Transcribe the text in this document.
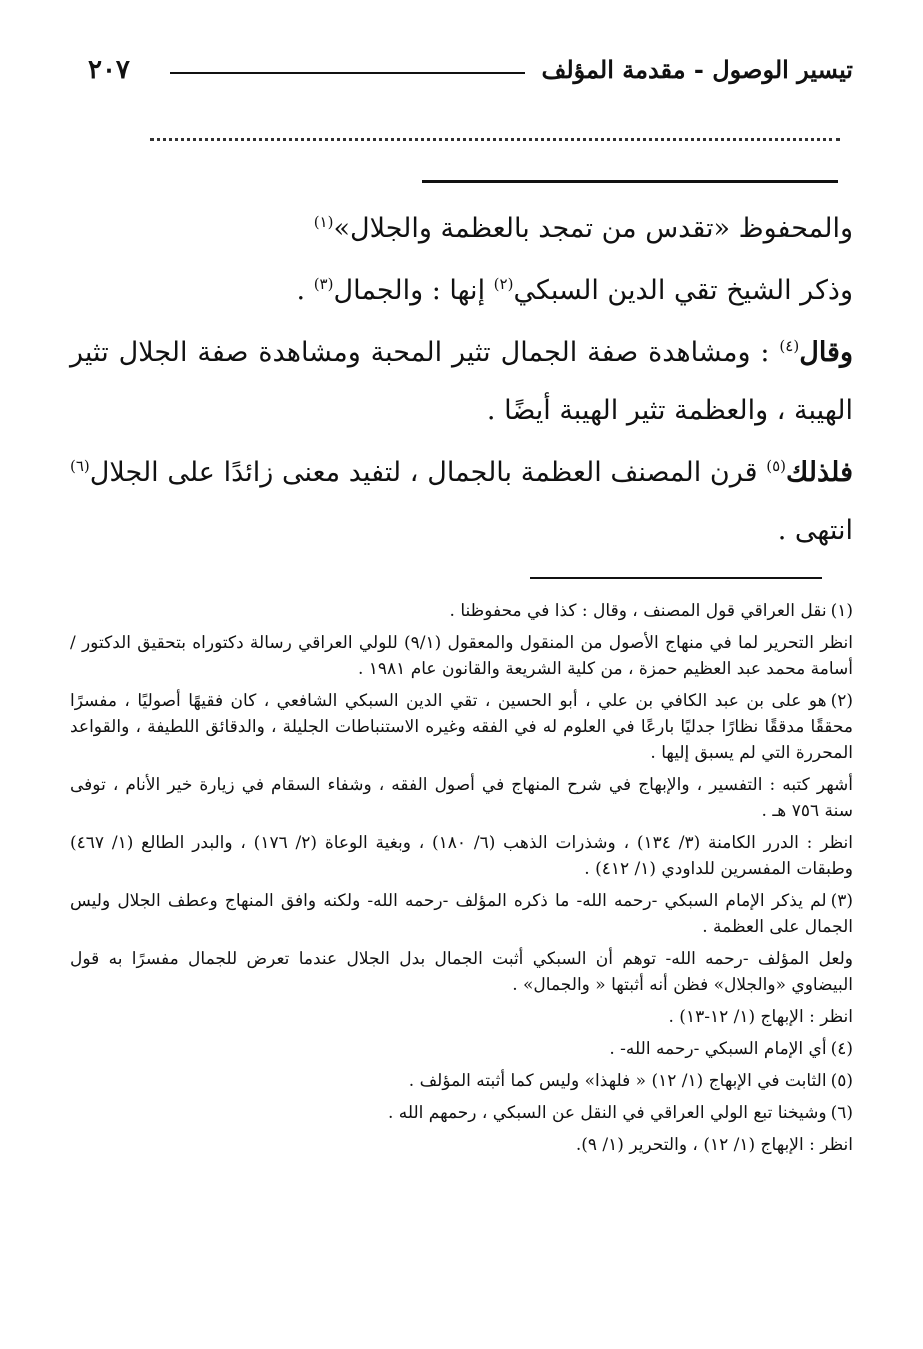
تيسير الوصول - مقدمة المؤلف
٢٠٧

والمحفوظ «تقدس من تمجد بالعظمة والجلال»$^{(١)}$

وذكر الشيخ تقي الدين السبكي$^{(٢)}$ إنها : والجمال$^{(٣)}$ .

وقال$^{(٤)}$ : ومشاهدة صفة الجمال تثير المحبة ومشاهدة صفة الجلال تثير الهيبة ، والعظمة تثير الهيبة أيضًا .

فلذلك$^{(٥)}$ قرن المصنف العظمة بالجمال ، لتفيد معنى زائدًا على الجلال$^{(٦)}$ انتهى .

(١)نقل العراقي قول المصنف ، وقال : كذا في محفوظنا .

انظر التحرير لما في منهاج الأصول من المنقول والمعقول (٩/١) للولي العراقي رسالة دكتوراه بتحقيق الدكتور / أسامة محمد عبد العظيم حمزة ، من كلية الشريعة والقانون عام ١٩٨١ .

(٢)هو على بن عبد الكافي بن علي ، أبو الحسين ، تقي الدين السبكي الشافعي ، كان فقيهًا أصوليًا ، مفسرًا محققًا مدققًا نظارًا جدليًا بارعًا في العلوم له في الفقه وغيره الاستنباطات الجليلة ، والدقائق اللطيفة ، والقواعد المحررة التي لم يسبق إليها .

أشهر كتبه : التفسير ، والإبهاج في شرح المنهاج في أصول الفقه ، وشفاء السقام في زيارة خير الأنام ، توفى سنة ٧٥٦ هـ .

انظر : الدرر الكامنة (٣/ ١٣٤) ، وشذرات الذهب (٦/ ١٨٠) ، وبغية الوعاة (٢/ ١٧٦) ، والبدر الطالع (١/ ٤٦٧) وطبقات المفسرين للداودي (١/ ٤١٢) .

(٣)لم يذكر الإمام السبكي -رحمه الله- ما ذكره المؤلف -رحمه الله- ولكنه وافق المنهاج وعطف الجلال وليس الجمال على العظمة .

ولعل المؤلف -رحمه الله- توهم أن السبكي أثبت الجمال بدل الجلال عندما تعرض للجمال مفسرًا به قول البيضاوي «والجلال» فظن أنه أثبتها « والجمال» .

انظر : الإبهاج (١/ ١٢-١٣) .

(٤)أي الإمام السبكي -رحمه الله- .

(٥)الثابت في الإبهاج (١/ ١٢) « فلهذا» وليس كما أثبته المؤلف .

(٦)وشيخنا تبع الولي العراقي في النقل عن السبكي ، رحمهم الله .

انظر : الإبهاج (١/ ١٢) ، والتحرير (١/ ٩).
